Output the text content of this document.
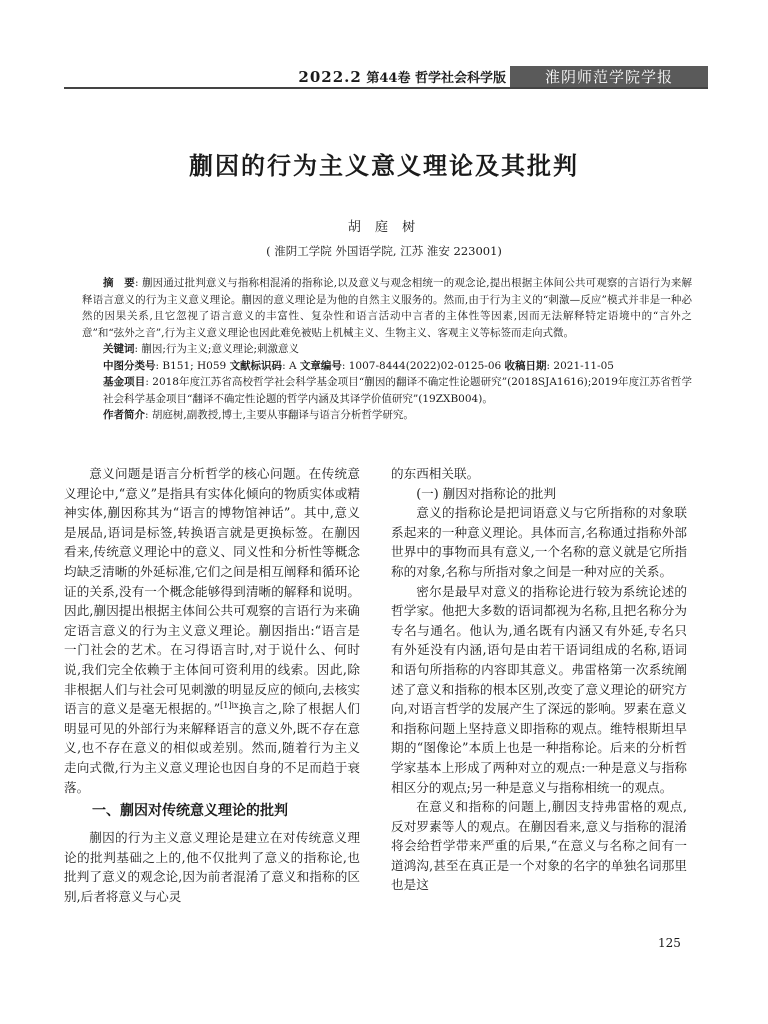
2022.2 第44卷 哲学社会科学版	淮阴师范学院学报
蒯因的行为主义意义理论及其批判
胡 庭 树
( 淮阴工学院 外国语学院, 江苏 淮安 223001)

摘　要: 蒯因通过批判意义与指称相混淆的指称论,以及意义与观念相统一的观念论,提出根据主体间公共可观察的言语行为来解释语言意义的行为主义意义理论。蒯因的意义理论是为他的自然主义服务的。然而,由于行为主义的“刺激—反应”模式并非是一种必然的因果关系,且它忽视了语言意义的丰富性、复杂性和语言活动中言者的主体性等因素,因而无法解释特定语境中的“言外之意”和“弦外之音”,行为主义意义理论也因此难免被贴上机械主义、生物主义、客观主义等标签而走向式微。

关键词: 蒯因;行为主义;意义理论;刺激意义

中图分类号: B151; H059 文献标识码: A 文章编号: 1007-8444(2022)02-0125-06 收稿日期: 2021-11-05

基金项目: 2018年度江苏省高校哲学社会科学基金项目“蒯因的翻译不确定性论题研究”(2018SJA1616);2019年度江苏省哲学社会科学基金项目“翻译不确定性论题的哲学内涵及其译学价值研究”(19ZXB004)。

作者简介: 胡庭树,副教授,博士,主要从事翻译与语言分析哲学研究。

意义问题是语言分析哲学的核心问题。在传统意义理论中,“意义”是指具有实体化倾向的物质实体或精神实体,蒯因称其为“语言的博物馆神话”。其中,意义是展品,语词是标签,转换语言就是更换标签。在蒯因看来,传统意义理论中的意义、同义性和分析性等概念均缺乏清晰的外延标准,它们之间是相互阐释和循环论证的关系,没有一个概念能够得到清晰的解释和说明。因此,蒯因提出根据主体间公共可观察的言语行为来确定语言意义的行为主义意义理论。蒯因指出:“语言是一门社会的艺术。在习得语言时,对于说什么、何时说,我们完全依赖于主体间可资利用的线索。因此,除非根据人们与社会可见刺激的明显反应的倾向,去核实语言的意义是毫无根据的。”$^{[1]ix}$换言之,除了根据人们明显可见的外部行为来解释语言的意义外,既不存在意义,也不存在意义的相似或差别。然而,随着行为主义走向式微,行为主义意义理论也因自身的不足而趋于衰落。

一、蒯因对传统意义理论的批判

蒯因的行为主义意义理论是建立在对传统意义理论的批判基础之上的,他不仅批判了意义的指称论,也批判了意义的观念论,因为前者混淆了意义和指称的区别,后者将意义与心灵

的东西相关联。

(一) 蒯因对指称论的批判

意义的指称论是把词语意义与它所指称的对象联系起来的一种意义理论。具体而言,名称通过指称外部世界中的事物而具有意义,一个名称的意义就是它所指称的对象,名称与所指对象之间是一种对应的关系。

密尔是最早对意义的指称论进行较为系统论述的哲学家。他把大多数的语词都视为名称,且把名称分为专名与通名。他认为,通名既有内涵又有外延,专名只有外延没有内涵,语句是由若干语词组成的名称,语词和语句所指称的内容即其意义。弗雷格第一次系统阐述了意义和指称的根本区别,改变了意义理论的研究方向,对语言哲学的发展产生了深远的影响。罗素在意义和指称问题上坚持意义即指称的观点。维特根斯坦早期的“图像论”本质上也是一种指称论。后来的分析哲学家基本上形成了两种对立的观点:一种是意义与指称相区分的观点;另一种是意义与指称相统一的观点。

在意义和指称的问题上,蒯因支持弗雷格的观点,反对罗素等人的观点。在蒯因看来,意义与指称的混淆将会给哲学带来严重的后果,“在意义与名称之间有一道鸿沟,甚至在真正是一个对象的名字的单独名词那里也是这

125
